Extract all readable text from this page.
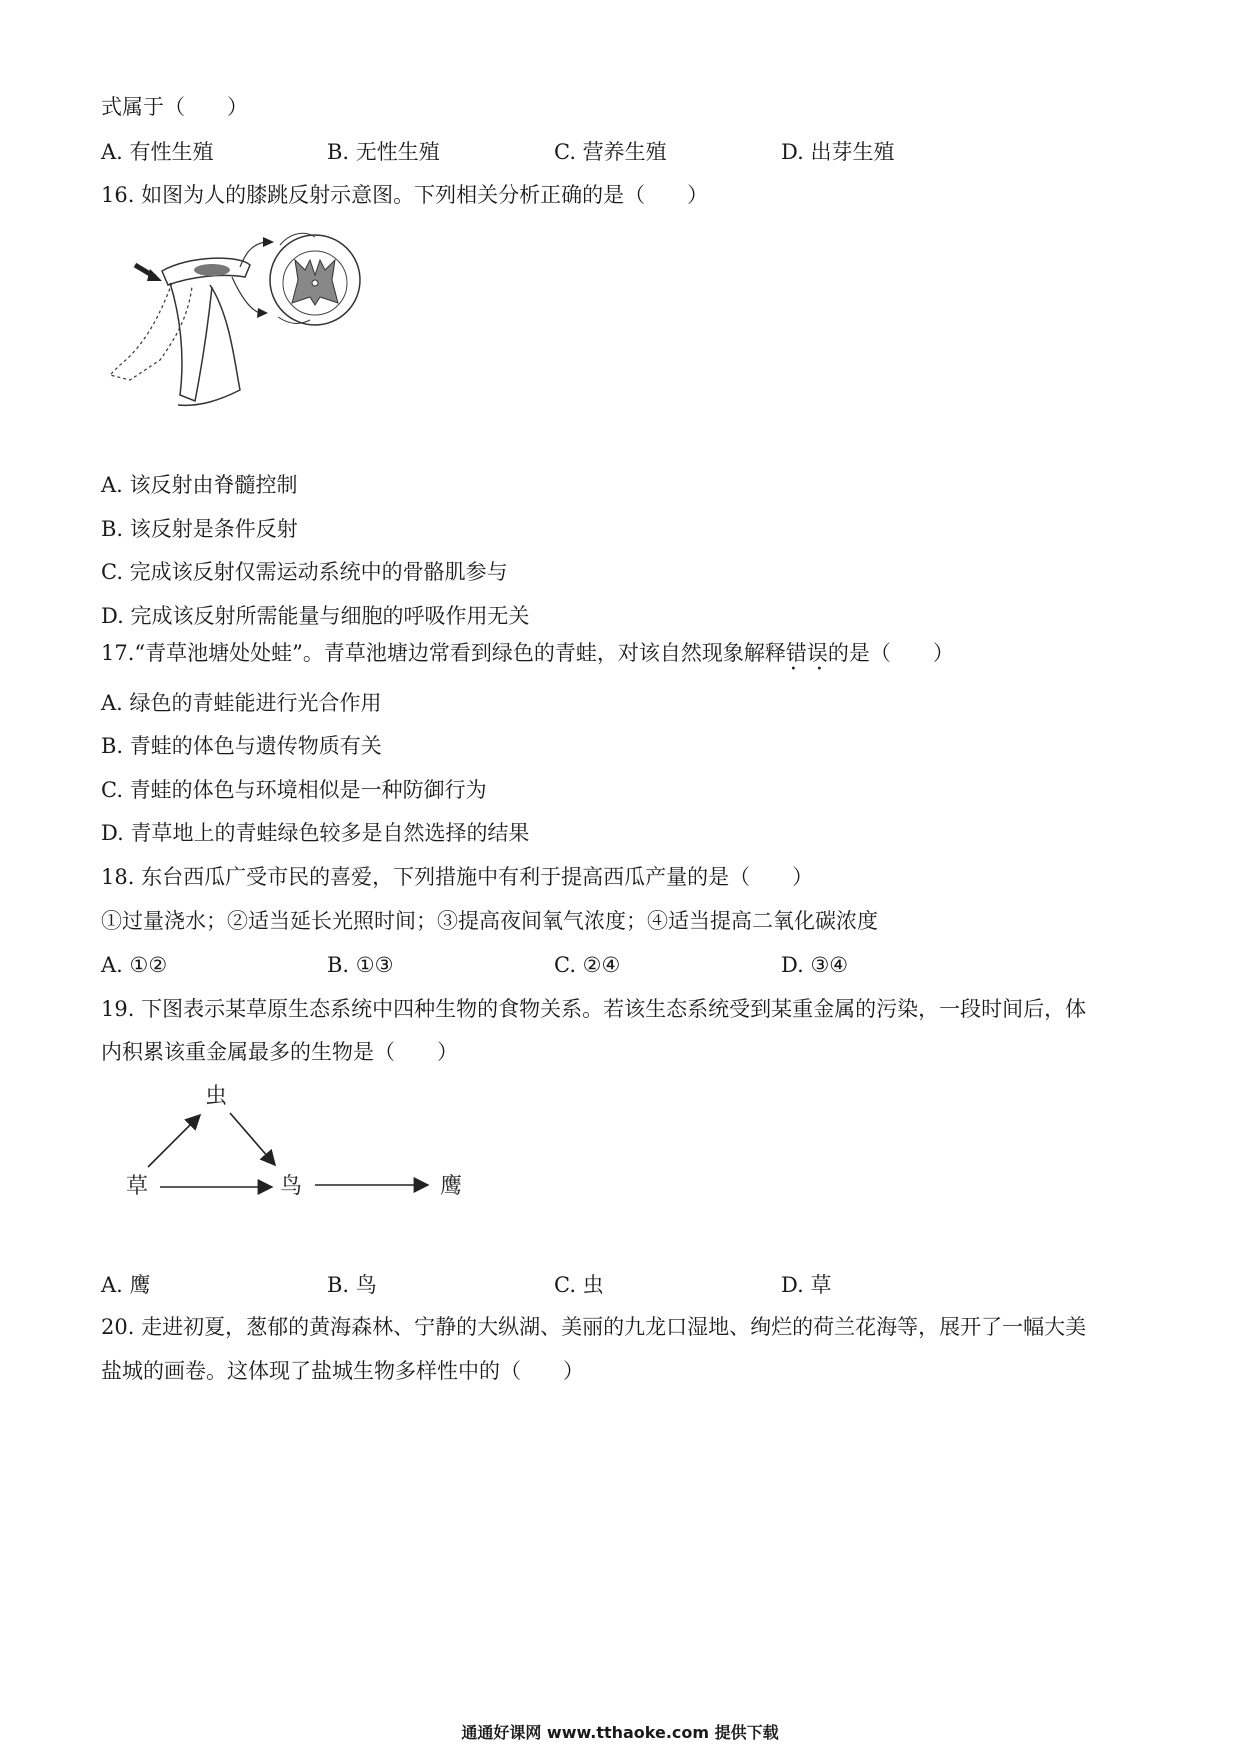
式属于（　　）
A. 有性生殖	B. 无性生殖	C. 营养生殖	D. 出芽生殖
16. 如图为人的膝跳反射示意图。下列相关分析正确的是（　　）
A. 该反射由脊髓控制
B. 该反射是条件反射
C. 完成该反射仅需运动系统中的骨骼肌参与
D. 完成该反射所需能量与细胞的呼吸作用无关
17.“青草池塘处处蛙”。青草池塘边常看到绿色的青蛙，对该自然现象解释错误 · ·的是（　　）
A. 绿色的青蛙能进行光合作用
B. 青蛙的体色与遗传物质有关
C. 青蛙的体色与环境相似是一种防御行为
D. 青草地上的青蛙绿色较多是自然选择的结果
18. 东台西瓜广受市民的喜爱，下列措施中有利于提高西瓜产量的是（　　）
①过量浇水；②适当延长光照时间；③提高夜间氧气浓度；④适当提高二氧化碳浓度
A. ①②	B. ①③	C. ②④	D. ③④
19. 下图表示某草原生态系统中四种生物的食物关系。若该生态系统受到某重金属的污染，一段时间后，体
内积累该重金属最多的生物是（　　）
虫
草	鸟	鹰
A. 鹰	B. 鸟	C. 虫	D. 草
20. 走进初夏，葱郁的黄海森林、宁静的大纵湖、美丽的九龙口湿地、绚烂的荷兰花海等，展开了一幅大美
盐城的画卷。这体现了盐城生物多样性中的（　　）
通通好课网 www.tthaoke.com 提供下载
